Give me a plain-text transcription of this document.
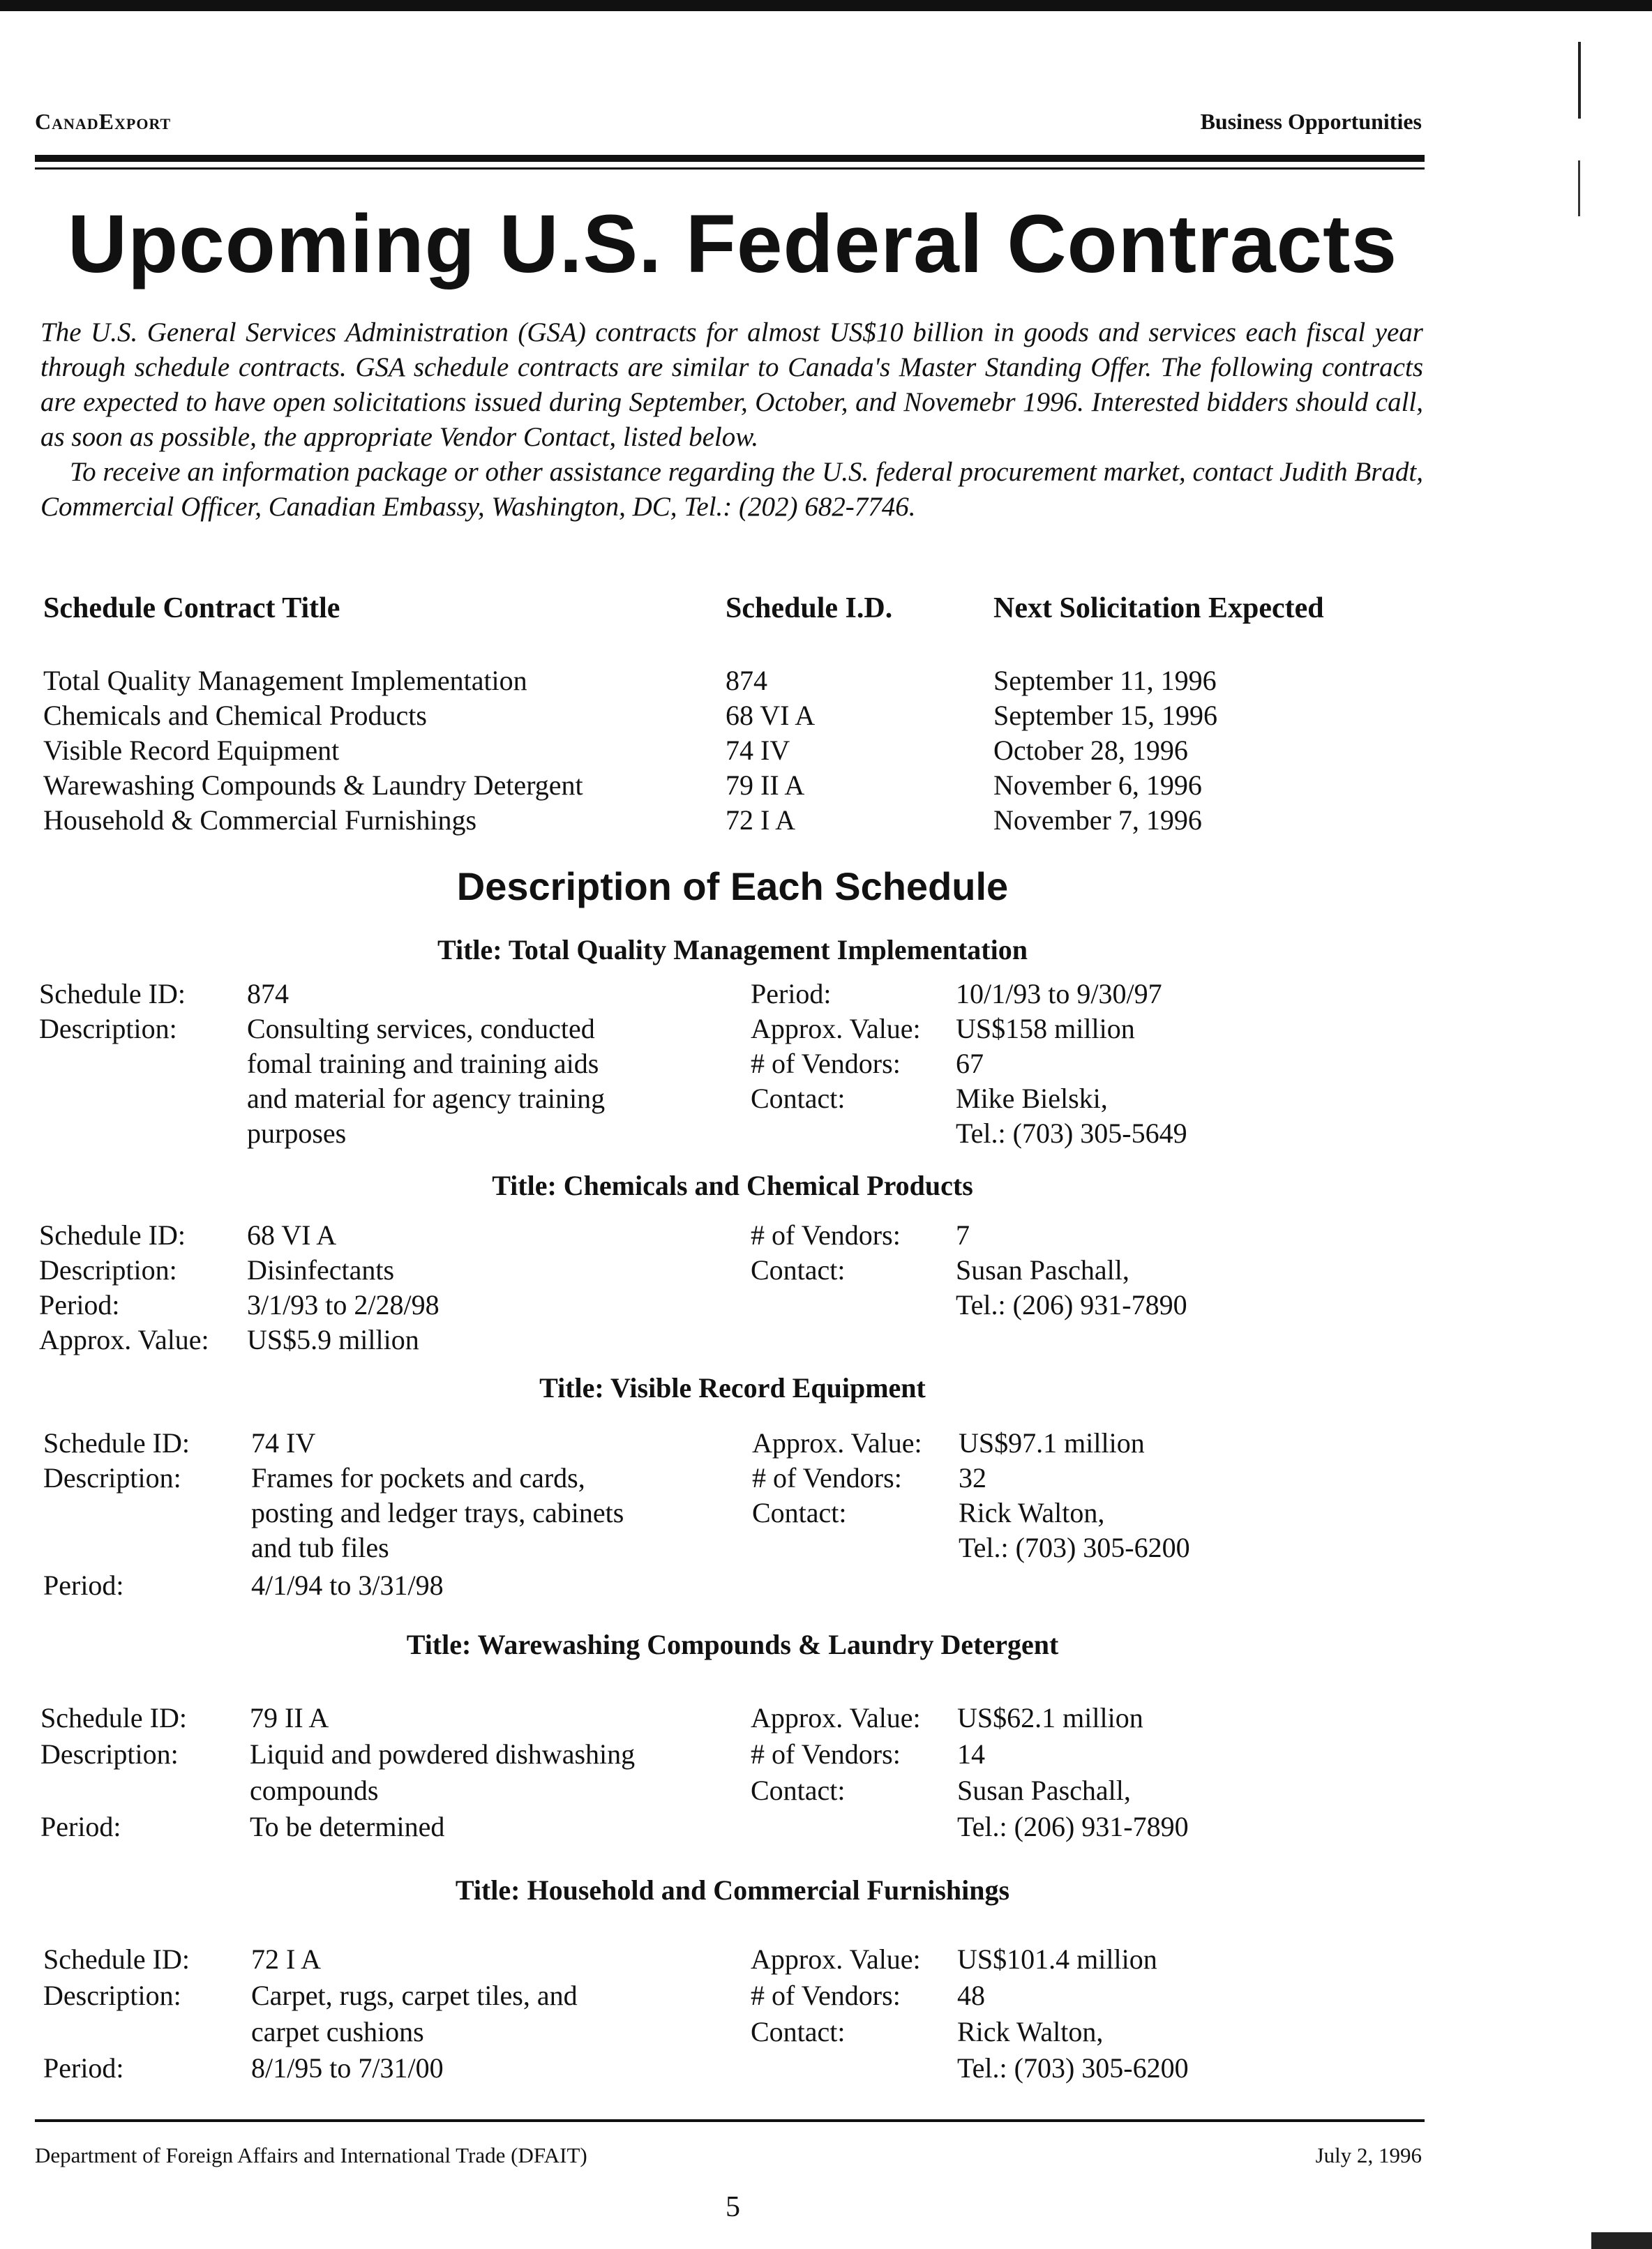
CanadExport	Business Opportunities
Upcoming U.S. Federal Contracts

The U.S. General Services Administration (GSA) contracts for almost US$10 billion in goods and services each fiscal year through schedule contracts. GSA schedule contracts are similar to Canada's Master Standing Offer. The following contracts are expected to have open solicitations issued during September, October, and Novemebr 1996. Interested bidders should call, as soon as possible, the appropriate Vendor Contact, listed below.

To receive an information package or other assistance regarding the U.S. federal procurement market, contact Judith Bradt, Commercial Officer, Canadian Embassy, Washington, DC, Tel.: (202) 682-7746.

Schedule Contract Title	Schedule I.D.	Next Solicitation Expected
Total Quality Management Implementation	874	September 11, 1996
Chemicals and Chemical Products	68 VI A	September 15, 1996
Visible Record Equipment	74 IV	October 28, 1996
Warewashing Compounds & Laundry Detergent	79 II A	November 6, 1996
Household & Commercial Furnishings	72 I A	November 7, 1996
Description of Each Schedule
Title: Total Quality Management Implementation
Schedule ID: 874
Description:	Consulting services, conducted
fomal training and training aids
and material for agency training
purposes
Period:	10/1/93 to 9/30/97
Approx. Value: US$158 million
# of Vendors: 67
Contact:	Mike Bielski,
Tel.: (703) 305-5649
Title: Chemicals and Chemical Products
Schedule ID: 68 VI A
Description:	Disinfectants
Period:	3/1/93 to 2/28/98
Approx. Value: US$5.9 million
# of Vendors: 7
Contact:	Susan Paschall,
Tel.: (206) 931-7890
Title: Visible Record Equipment
Schedule ID: 74 IV
Description:	Frames for pockets and cards,
posting and ledger trays, cabinets
and tub files
Period:	4/1/94 to 3/31/98
Approx. Value: US$97.1 million
# of Vendors: 32
Contact:	Rick Walton,
Tel.: (703) 305-6200
Title: Warewashing Compounds & Laundry Detergent
Schedule ID: 79 II A
Description:	Liquid and powdered dishwashing
compounds
Period:	To be determined
Approx. Value: US$62.1 million
# of Vendors: 14
Contact:	Susan Paschall,
Tel.: (206) 931-7890
Title: Household and Commercial Furnishings
Schedule ID: 72 I A
Description:	Carpet, rugs, carpet tiles, and
carpet cushions
Period:	8/1/95 to 7/31/00
Approx. Value: US$101.4 million
# of Vendors: 48
Contact:	Rick Walton,
Tel.: (703) 305-6200
Department of Foreign Affairs and International Trade (DFAIT)	July 2, 1996
5
